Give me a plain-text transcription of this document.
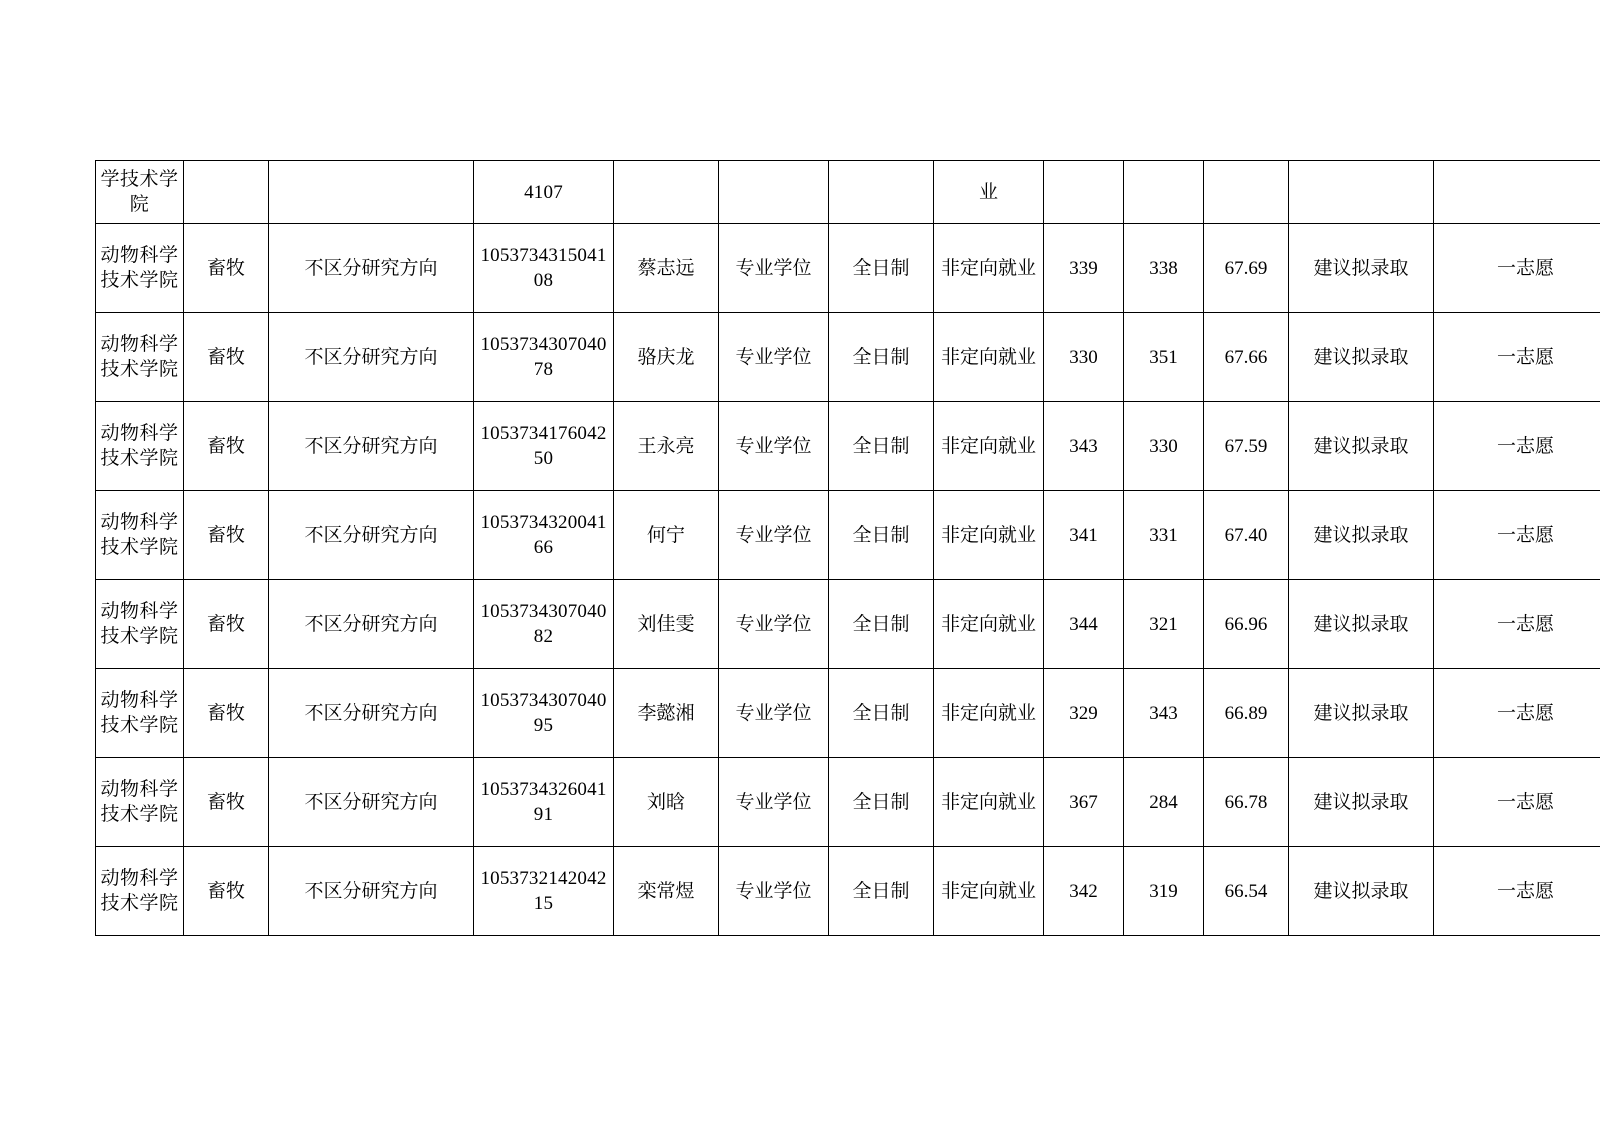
学技术学院			4107				业					
动物科学技术学院	畜牧	不区分研究方向	105373431504108	蔡志远	专业学位	全日制	非定向就业	339	338	67.69	建议拟录取	一志愿
动物科学技术学院	畜牧	不区分研究方向	105373430704078	骆庆龙	专业学位	全日制	非定向就业	330	351	67.66	建议拟录取	一志愿
动物科学技术学院	畜牧	不区分研究方向	105373417604250	王永亮	专业学位	全日制	非定向就业	343	330	67.59	建议拟录取	一志愿
动物科学技术学院	畜牧	不区分研究方向	105373432004166	何宁	专业学位	全日制	非定向就业	341	331	67.40	建议拟录取	一志愿
动物科学技术学院	畜牧	不区分研究方向	105373430704082	刘佳雯	专业学位	全日制	非定向就业	344	321	66.96	建议拟录取	一志愿
动物科学技术学院	畜牧	不区分研究方向	105373430704095	李懿湘	专业学位	全日制	非定向就业	329	343	66.89	建议拟录取	一志愿
动物科学技术学院	畜牧	不区分研究方向	105373432604191	刘晗	专业学位	全日制	非定向就业	367	284	66.78	建议拟录取	一志愿
动物科学技术学院	畜牧	不区分研究方向	105373214204215	栾常煜	专业学位	全日制	非定向就业	342	319	66.54	建议拟录取	一志愿
